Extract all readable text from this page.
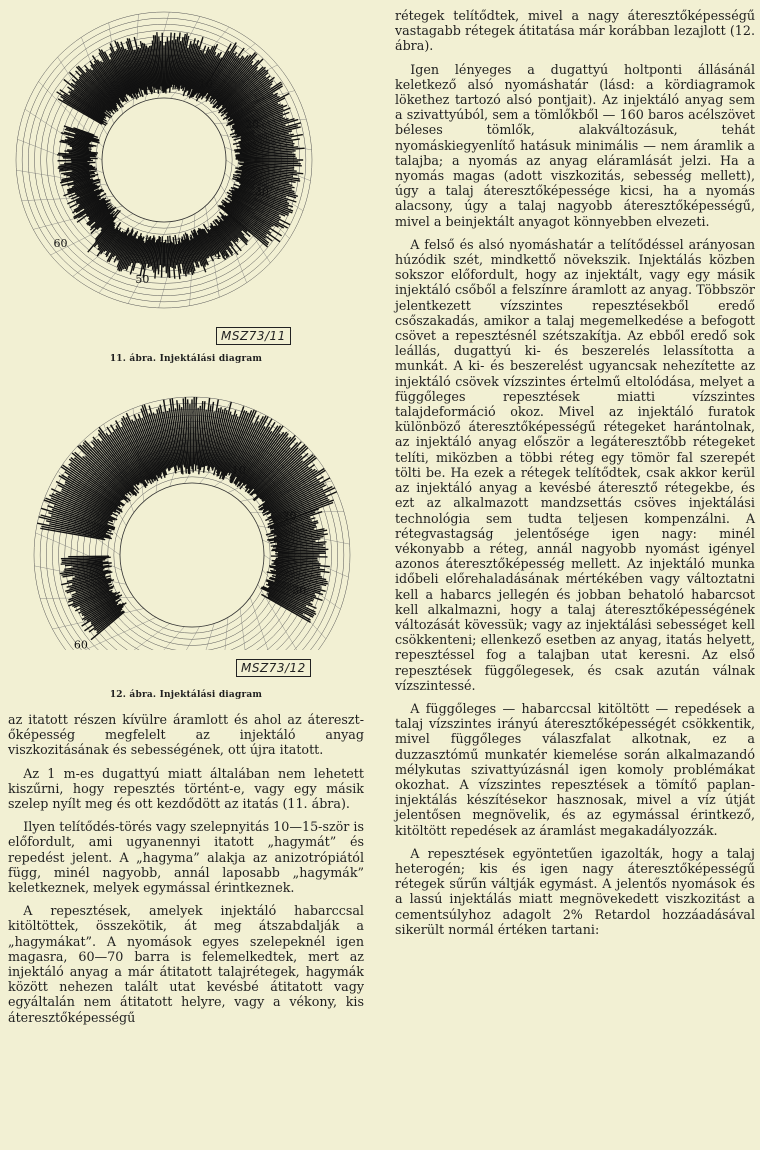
10
20
30
40
50
60
MSZ73/11
11. ábra. Injektálási diagram
10
20
30
60
MSZ73/12
12. ábra. Injektálási diagram

az itatott részen kívülre áramlott és ahol az áteresztőképesség megfelelt az injektáló anyag viszkozitásának és sebességének, ott újra itatott.

Az 1 m-es dugattyú miatt általában nem lehetett kiszűrni, hogy repesztés történt-e, vagy egy másik szelep nyílt meg és ott kezdődött az itatás (11. ábra).

Ilyen telítődés-törés vagy szelepnyitás 10—15-ször is előfordult, ami ugyanennyi itatott „hagymát” és repedést jelent. A „hagyma” alakja az anizotrópiától függ, minél nagyobb, annál laposabb „hagymák” keletkeznek, melyek egymással érintkeznek.

A repesztések, amelyek injektáló habarccsal kitöltöttek, összekötik, át meg átszabdalják a „hagymákat”. A nyomások egyes szelepeknél igen magasra, 60—70 barra is felemelkedtek, mert az injektáló anyag a már átitatott talajrétegek, hagymák között nehezen talált utat kevésbé átitatott vagy egyáltalán nem átitatott helyre, vagy a vékony, kis áteresztőképességű

rétegek telítődtek, mivel a nagy áteresztőképességű vastagabb rétegek átitatása már korábban lezajlott (12. ábra).

Igen lényeges a dugattyú holtponti állásánál keletkező alsó nyomáshatár (lásd: a kördiagramok lökethez tartozó alsó pontjait). Az injektáló anyag sem a szivattyúból, sem a tömlőkből — 160 baros acélszövet béleses tömlők, alakváltozásuk, tehát nyomáskiegyenlítő hatásuk minimális — nem áramlik a talajba; a nyomás az anyag eláramlását jelzi. Ha a nyomás magas (adott viszkozitás, sebesség mellett), úgy a talaj áteresztőképessége kicsi, ha a nyomás alacsony, úgy a talaj nagyobb áteresztőképességű, mivel a beinjektált anyagot könnyebben elvezeti.

A felső és alsó nyomáshatár a telítődéssel arányosan húzódik szét, mindkettő növekszik. Injektálás közben sokszor előfordult, hogy az injektált, vagy egy másik injektáló csőből a felszínre áramlott az anyag. Többször jelentkezett vízszintes repesztésekből eredő csőszakadás, amikor a talaj megemelkedése a befogott csövet a repesztésnél szétszakítja. Az ebből eredő sok leállás, dugattyú ki- és beszerelés lelassította a munkát. A ki- és beszerelést ugyancsak nehezítette az injektáló csövek vízszintes értelmű eltolódása, melyet a függőleges repesztések miatti vízszintes talajdeformáció okoz. Mivel az injektáló furatok különböző áteresztőképességű rétegeket harántolnak, az injektáló anyag először a legáteresztőbb rétegeket telíti, miközben a többi réteg egy tömör fal szerepét tölti be. Ha ezek a rétegek telítődtek, csak akkor kerül az injektáló anyag a kevésbé áteresztő rétegekbe, és ezt az alkalmazott mandzsettás csöves injektálási technológia sem tudta teljesen kompenzálni. A rétegvastagság jelentősége igen nagy: minél vékonyabb a réteg, annál nagyobb nyomást igényel azonos áteresztőképesség mellett. Az injektáló munka időbeli előrehaladásának mértékében vagy változtatni kell a habarcs jellegén és jobban behatoló habarcsot kell alkalmazni, hogy a talaj áteresztőképességének változását kövessük; vagy az injektálási sebességet kell csökkenteni; ellenkező esetben az anyag, itatás helyett, repesztéssel fog a talajban utat keresni. Az első repesztések függőlegesek, és csak azután válnak vízszintessé.

A függőleges — habarccsal kitöltött — repedések a talaj vízszintes irányú áteresztőképességét csökkentik, mivel függőleges válaszfalat alkotnak, ez a duzzasztómű munkatér kiemelése során alkalmazandó mélykutas szivattyúzásnál igen komoly problémákat okozhat. A vízszintes repesztések a tömítő paplan-injektálás készítésekor hasznosak, mivel a víz útját jelentősen megnövelik, és az egymással érintkező, kitöltött repedések az áramlást megakadályozzák.

A repesztések egyöntetűen igazolták, hogy a talaj heterogén; kis és igen nagy áteresztőképességű rétegek sűrűn váltják egymást. A jelentős nyomások és a lassú injektálás miatt megnövekedett viszkozitást a cementsúlyhoz adagolt 2% Retardol hozzáadásával sikerült normál értéken tartani:
